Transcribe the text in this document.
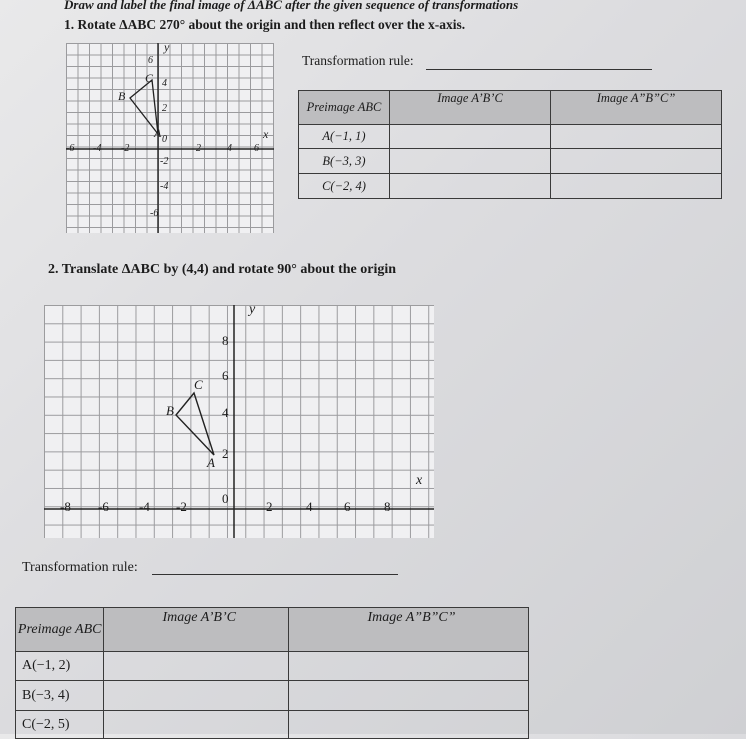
Draw and label the final image of ΔABC after the given sequence of transformations
1. Rotate ΔABC 270° about the origin and then reflect over the x-axis.
y
x
B
C
A
-6 -4 -2	2	4 6
6
4
2
0
-2
-4
-6
Transformation rule:
Preimage ABC	Image A’B’C	Image A”B”C”
A(−1, 1)		
B(−3, 3)		
C(−2, 4)		
2. Translate ΔABC by (4,4) and rotate 90° about the origin
y
x
B
C
A
-8 -6 -4 -2	2	4 6	8
8
6
4
2
0
Transformation rule:
Preimage ABC	Image A’B’C	Image A”B”C”
A(−1, 2)		
B(−3, 4)		
C(−2, 5)		
